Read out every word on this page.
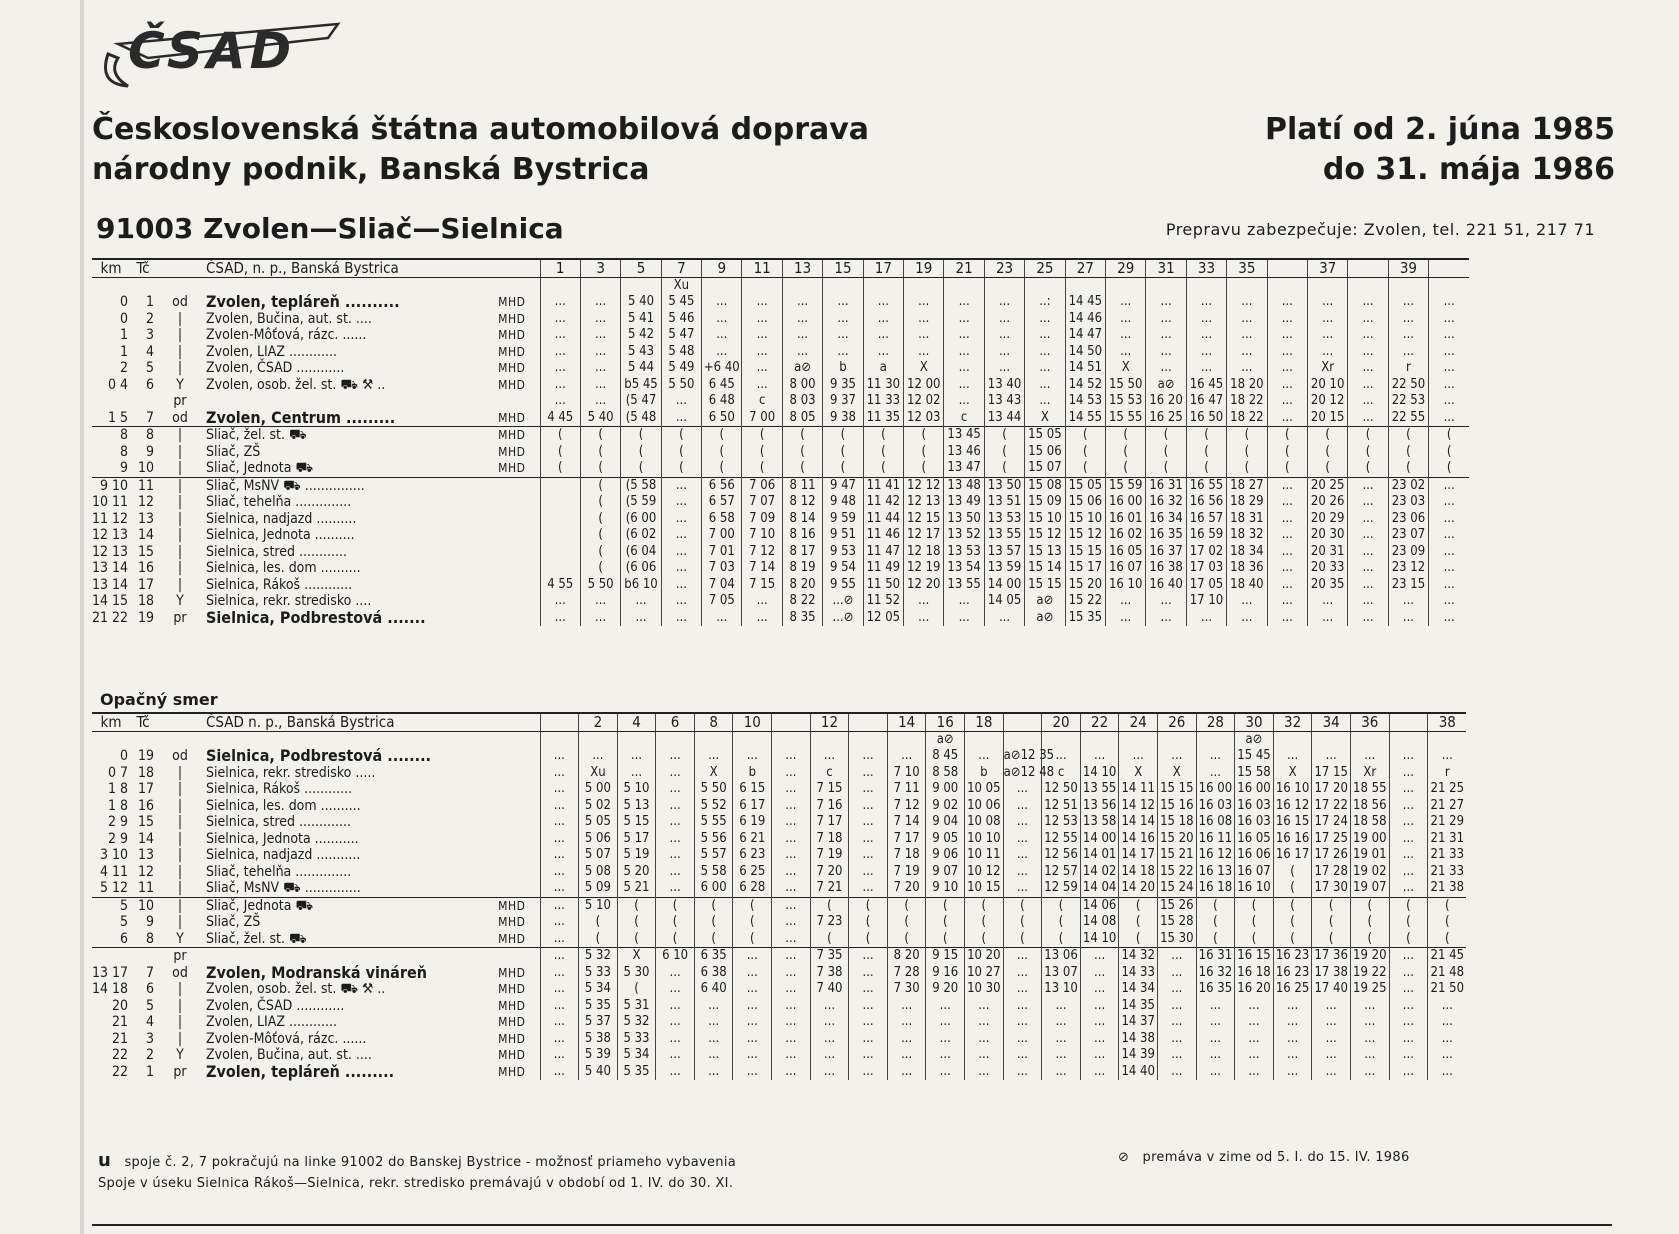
ČSAD
Československá štátna automobilová doprava
národny podnik, Banská Bystrica
Platí od 2. júna 1985
do 31. mája 1986
91003 Zvolen—Sliač—Sielnica	Prepravu zabezpečuje: Zvolen, tel. 221 51, 217 71
km	Tč		ČSAD, n. p., Banská Bystrica		1	3	5	7	9	11	13	15	17	19	21	23	25	27	29	31	33	35		37		39	
								Xu																			
0	1	od	Zvolen, tepláreň ..........	MHD	...	...	5 40	5 45	...	...	...	...	...	...	...	...	..:	14 45	...	...	...	...	...	...	...	...	...
0	2	|	Zvolen, Bučina, aut. st. ....	MHD	...	...	5 41	5 46	...	...	...	...	...	...	...	...	...	14 46	...	...	...	...	...	...	...	...	...
1	3	|	Zvolen-Môťová, rázc. ......	MHD	...	...	5 42	5 47	...	...	...	...	...	...	...	...	...	14 47	...	...	...	...	...	...	...	...	...
1	4	|	Zvolen, LIAZ ............	MHD	...	...	5 43	5 48	...	...	...	...	...	...	...	...	...	14 50	...	...	...	...	...	...	...	...	...
2	5	|	Zvolen, ČSAD ............	MHD	...	...	5 44	5 49	+6 40	...	a⊘	b	a	X	...	...	...	14 51	X	...	...	...	...	Xr	...	r	...
0 4	6	Y	Zvolen, osob. žel. st. ⛟ ⚒ ..	MHD	...	...	b5 45	5 50	6 45	...	8 00	9 35	11 30	12 00	...	13 40	...	14 52	15 50	a⊘	16 45	18 20	...	20 10	...	22 50	...
		pr			...	...	(5 47	...	6 48	c	8 03	9 37	11 33	12 02	...	13 43	...	14 53	15 53	16 20	16 47	18 22	...	20 12	...	22 53	...
1 5	7	od	Zvolen, Centrum .........	MHD	4 45	5 40	(5 48	...	6 50	7 00	8 05	9 38	11 35	12 03	c	13 44	X	14 55	15 55	16 25	16 50	18 22	...	20 15	...	22 55	...
8	8	|	Sliač, žel. st. ⛟	MHD	(	(	(	(	(	(	(	(	(	(	13 45	(	15 05	(	(	(	(	(	(	(	(	(	(
8	9	|	Sliač, ZŠ	MHD	(	(	(	(	(	(	(	(	(	(	13 46	(	15 06	(	(	(	(	(	(	(	(	(	(
9	10	|	Sliač, Jednota ⛟	MHD	(	(	(	(	(	(	(	(	(	(	13 47	(	15 07	(	(	(	(	(	(	(	(	(	(
9 10	11	|	Sliač, MsNV ⛟ ...............			(	(5 58	...	6 56	7 06	8 11	9 47	11 41	12 12	13 48	13 50	15 08	15 05	15 59	16 31	16 55	18 27	...	20 25	...	23 02	...
10 11	12	|	Sliač, tehelňa ..............			(	(5 59	...	6 57	7 07	8 12	9 48	11 42	12 13	13 49	13 51	15 09	15 06	16 00	16 32	16 56	18 29	...	20 26	...	23 03	...
11 12	13	|	Sielnica, nadjazd ..........			(	(6 00	...	6 58	7 09	8 14	9 59	11 44	12 15	13 50	13 53	15 10	15 10	16 01	16 34	16 57	18 31	...	20 29	...	23 06	...
12 13	14	|	Sielnica, Jednota ..........			(	(6 02	...	7 00	7 10	8 16	9 51	11 46	12 17	13 52	13 55	15 12	15 12	16 02	16 35	16 59	18 32	...	20 30	...	23 07	...
12 13	15	|	Sielnica, stred ............			(	(6 04	...	7 01	7 12	8 17	9 53	11 47	12 18	13 53	13 57	15 13	15 15	16 05	16 37	17 02	18 34	...	20 31	...	23 09	...
13 14	16	|	Sielnica, les. dom ..........			(	(6 06	...	7 03	7 14	8 19	9 54	11 49	12 19	13 54	13 59	15 14	15 17	16 07	16 38	17 03	18 36	...	20 33	...	23 12	...
13 14	17	|	Sielnica, Rákoš ............		4 55	5 50	b6 10	...	7 04	7 15	8 20	9 55	11 50	12 20	13 55	14 00	15 15	15 20	16 10	16 40	17 05	18 40	...	20 35	...	23 15	...
14 15	18	Y	Sielnica, rekr. stredisko ....		...	...	...	...	7 05	...	8 22	...⊘	11 52	...	...	14 05	a⊘	15 22	...	...	17 10	...	...	...	...	...	...
21 22	19	pr	Sielnica, Podbrestová .......		...	...	...	...	...	...	8 35	...⊘	12 05	...	...	...	a⊘	15 35	...	...	...	...	...	...	...	...	...
Opačný smer
km	Tč		ČSAD n. p., Banská Bystrica			2	4	6	8	10		12		14	16	18		20	22	24	26	28	30	32	34	36		38
															a⊘								a⊘					
0	19	od	Sielnica, Podbrestová ........		...	...	...	...	...	...	...	...	...	...	8 45	...	a⊘12 35	...	...	...	...	...	15 45	...	...	...	...	...
0 7	18	|	Sielnica, rekr. stredisko .....		...	Xu	...	...	X	b	...	c	...	7 10	8 58	b	a⊘12 48	c	14 10	X	X	...	15 58	X	17 15	Xr	...	r
1 8	17	|	Sielnica, Rákoš ............		...	5 00	5 10	...	5 50	6 15	...	7 15	...	7 11	9 00	10 05	...	12 50	13 55	14 11	15 15	16 00	16 00	16 10	17 20	18 55	...	21 25
1 8	16	|	Sielnica, les. dom ..........		...	5 02	5 13	...	5 52	6 17	...	7 16	...	7 12	9 02	10 06	...	12 51	13 56	14 12	15 16	16 03	16 03	16 12	17 22	18 56	...	21 27
2 9	15	|	Sielnica, stred .............		...	5 05	5 15	...	5 55	6 19	...	7 17	...	7 14	9 04	10 08	...	12 53	13 58	14 14	15 18	16 08	16 03	16 15	17 24	18 58	...	21 29
2 9	14	|	Sielnica, Jednota ...........		...	5 06	5 17	...	5 56	6 21	...	7 18	...	7 17	9 05	10 10	...	12 55	14 00	14 16	15 20	16 11	16 05	16 16	17 25	19 00	...	21 31
3 10	13	|	Sielnica, nadjazd ...........		...	5 07	5 19	...	5 57	6 23	...	7 19	...	7 18	9 06	10 11	...	12 56	14 01	14 17	15 21	16 12	16 06	16 17	17 26	19 01	...	21 33
4 11	12	|	Sliač, tehelňa ..............		...	5 08	5 20	...	5 58	6 25	...	7 20	...	7 19	9 07	10 12	...	12 57	14 02	14 18	15 22	16 13	16 07	(	17 28	19 02	...	21 33
5 12	11	|	Sliač, MsNV ⛟ ..............		...	5 09	5 21	...	6 00	6 28	...	7 21	...	7 20	9 10	10 15	...	12 59	14 04	14 20	15 24	16 18	16 10	(	17 30	19 07	...	21 38
5	10	|	Sliač, Jednota ⛟	MHD	...	5 10	(	(	(	(	...	(	(	(	(	(	(	(	14 06	(	15 26	(	(	(	(	(	(	(
5	9	|	Sliač, ZŠ	MHD	...	(	(	(	(	(	...	7 23	(	(	(	(	(	(	14 08	(	15 28	(	(	(	(	(	(	(
6	8	Y	Sliač, žel. st. ⛟	MHD	...	(	(	(	(	(	...	(	(	(	(	(	(	(	14 10	(	15 30	(	(	(	(	(	(	(
		pr			...	5 32	X	6 10	6 35	...	...	7 35	...	8 20	9 15	10 20	...	13 06	...	14 32	...	16 31	16 15	16 23	17 36	19 20	...	21 45
13 17	7	od	Zvolen, Modranská vináreň	MHD	...	5 33	5 30	...	6 38	...	...	7 38	...	7 28	9 16	10 27	...	13 07	...	14 33	...	16 32	16 18	16 23	17 38	19 22	...	21 48
14 18	6	|	Zvolen, osob. žel. st. ⛟ ⚒ ..	MHD	...	5 34	(	...	6 40	...	...	7 40	...	7 30	9 20	10 30	...	13 10	...	14 34	...	16 35	16 20	16 25	17 40	19 25	...	21 50
20	5	|	Zvolen, ČSAD ............	MHD	...	5 35	5 31	...	...	...	...	...	...	...	...	...	...	...	...	14 35	...	...	...	...	...	...	...	...
21	4	|	Zvolen, LIAZ ............	MHD	...	5 37	5 32	...	...	...	...	...	...	...	...	...	...	...	...	14 37	...	...	...	...	...	...	...	...
21	3	|	Zvolen-Môťová, rázc. ......	MHD	...	5 38	5 33	...	...	...	...	...	...	...	...	...	...	...	...	14 38	...	...	...	...	...	...	...	...
22	2	Y	Zvolen, Bučina, aut. st. ....	MHD	...	5 39	5 34	...	...	...	...	...	...	...	...	...	...	...	...	14 39	...	...	...	...	...	...	...	...
22	1	pr	Zvolen, tepláreň .........	MHD	...	5 40	5 35	...	...	...	...	...	...	...	...	...	...	...	...	14 40	...	...	...	...	...	...	...	...
u spoje č. 2, 7 pokračujú na linke 91002 do Banskej Bystrice - možnosť priameho vybavenia	⊘ premáva v zime od 5. I. do 15. IV. 1986
Spoje v úseku Sielnica Rákoš—Sielnica, rekr. stredisko premávajú v období od 1. IV. do 30. XI.
